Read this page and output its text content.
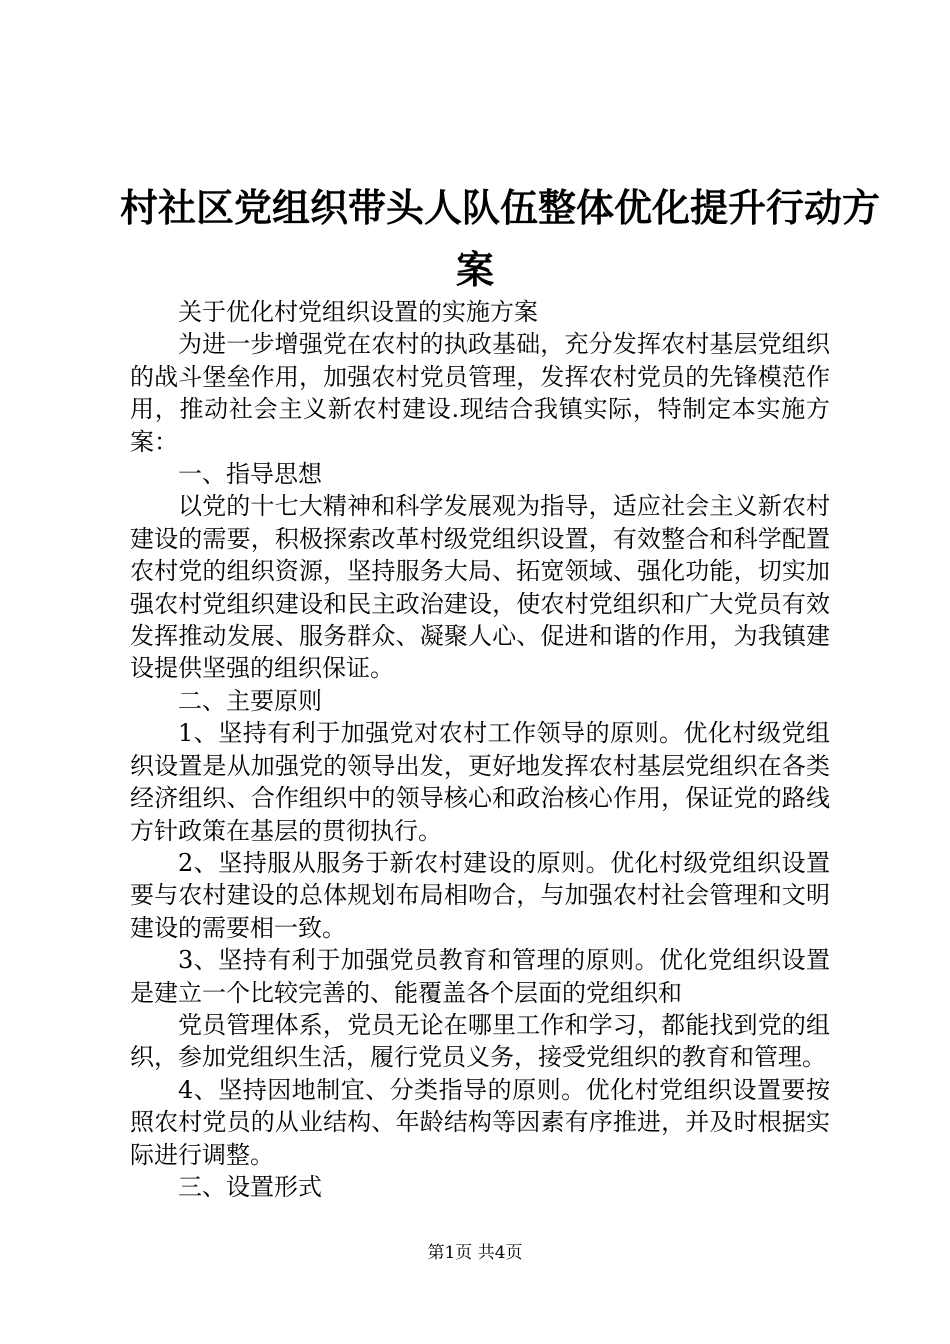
村社区党组织带头人队伍整体优化提升行动方
案

关于优化村党组织设置的实施方案

为进一步增强党在农村的执政基础，充分发挥农村基层党组织的战斗堡垒作用，加强农村党员管理，发挥农村党员的先锋模范作用，推动社会主义新农村建设.现结合我镇实际，特制定本实施方案：

一、指导思想

以党的十七大精神和科学发展观为指导，适应社会主义新农村建设的需要，积极探索改革村级党组织设置，有效整合和科学配置农村党的组织资源，坚持服务大局、拓宽领域、强化功能，切实加强农村党组织建设和民主政治建设，使农村党组织和广大党员有效发挥推动发展、服务群众、凝聚人心、促进和谐的作用，为我镇建设提供坚强的组织保证。

二、主要原则

1、坚持有利于加强党对农村工作领导的原则。优化村级党组织设置是从加强党的领导出发，更好地发挥农村基层党组织在各类经济组织、合作组织中的领导核心和政治核心作用，保证党的路线方针政策在基层的贯彻执行。

2、坚持服从服务于新农村建设的原则。优化村级党组织设置要与农村建设的总体规划布局相吻合，与加强农村社会管理和文明建设的需要相一致。

3、坚持有利于加强党员教育和管理的原则。优化党组织设置是建立一个比较完善的、能覆盖各个层面的党组织和

党员管理体系，党员无论在哪里工作和学习，都能找到党的组织，参加党组织生活，履行党员义务，接受党组织的教育和管理。

4、坚持因地制宜、分类指导的原则。优化村党组织设置要按照农村党员的从业结构、年龄结构等因素有序推进，并及时根据实际进行调整。

三、设置形式

第1页 共4页
